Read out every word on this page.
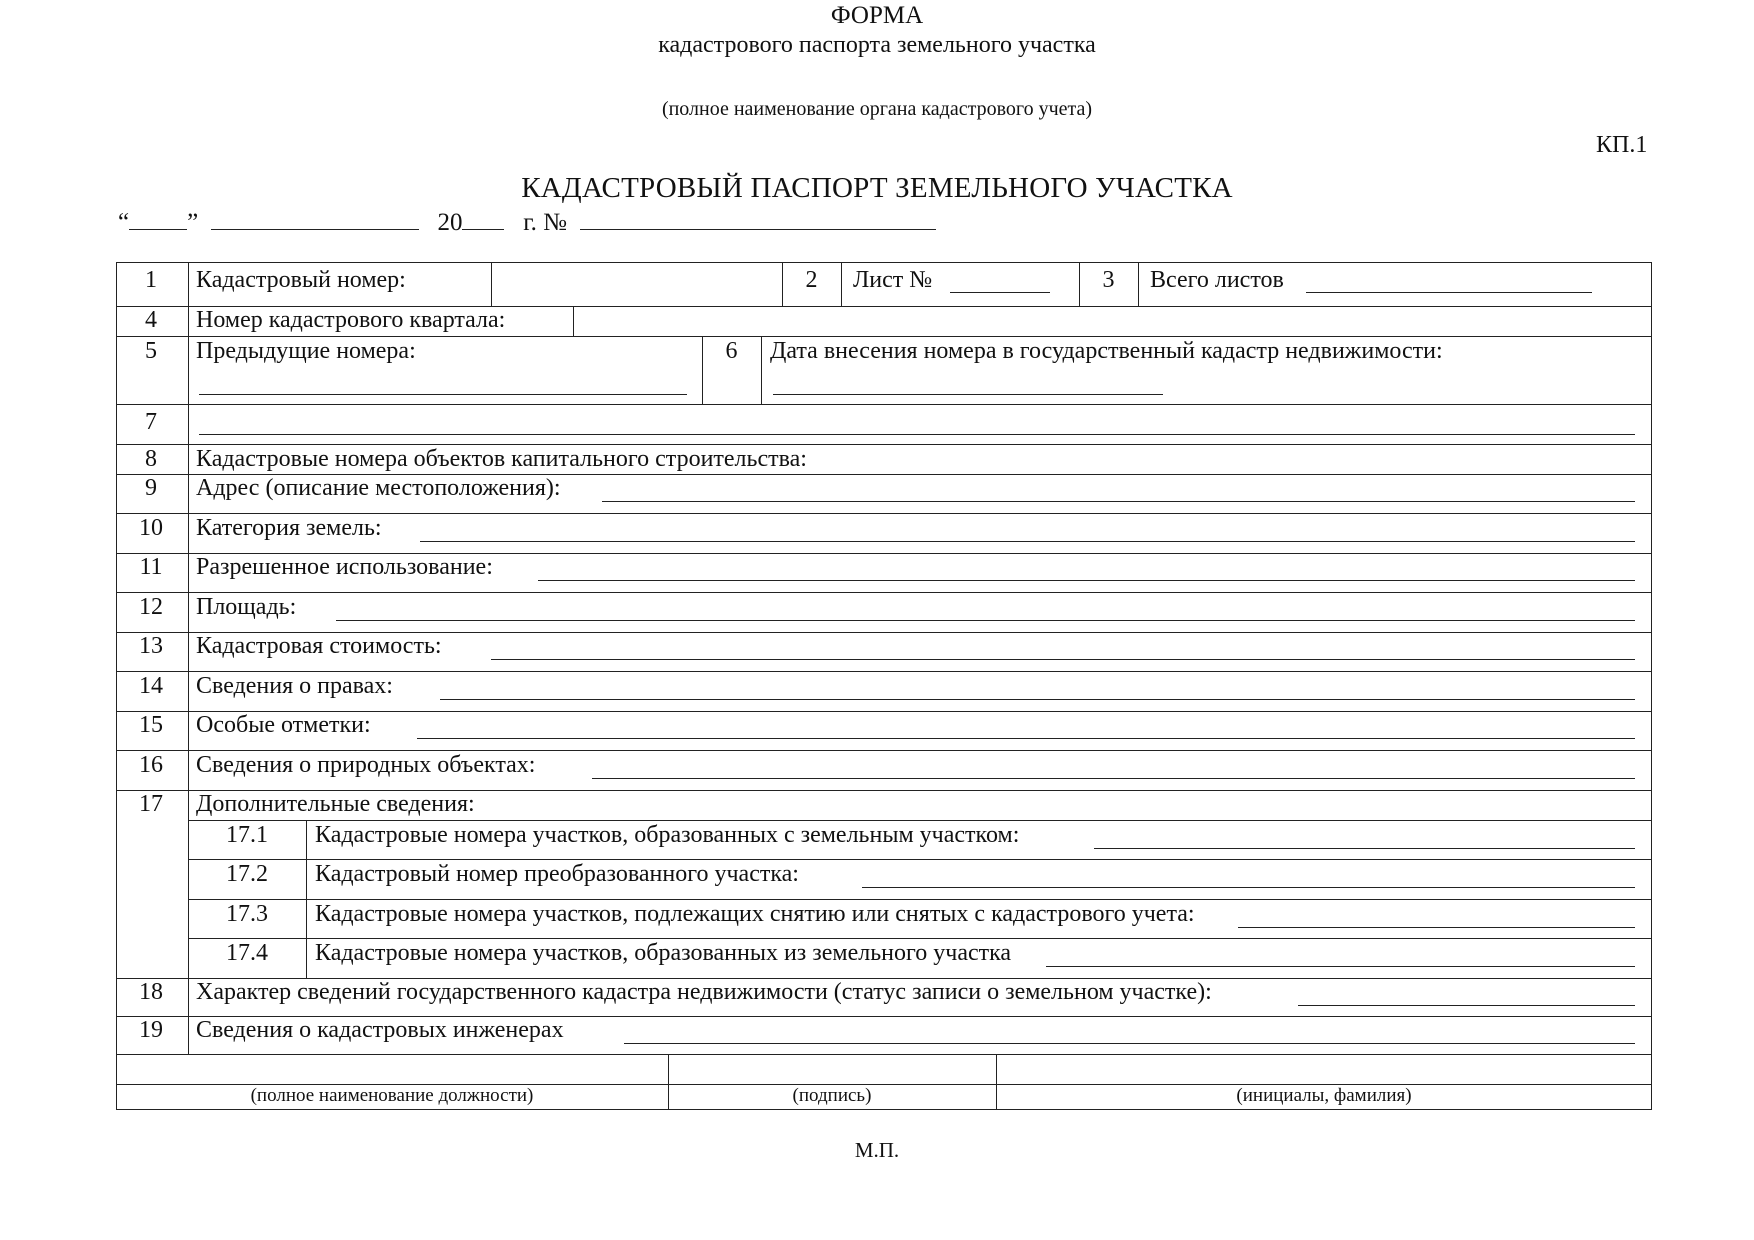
ФОРМА
кадастрового паспорта земельного участка
(полное наименование органа кадастрового учета)
КП.1
КАДАСТРОВЫЙ ПАСПОРТ ЗЕМЕЛЬНОГО УЧАСТКА
“ ”	20 г. №
1	Кадастровый номер:	2	Лист №	3	Всего листов
4	Номер кадастрового квартала:
5	Предыдущие номера:	6	Дата внесения номера в государственный кадастр недвижимости:
7
8	Кадастровые номера объектов капитального строительства:
9	Адрес (описание местоположения):
10	Категория земель:
11	Разрешенное использование:
12	Площадь:
13	Кадастровая стоимость:
14	Сведения о правах:
15	Особые отметки:
16	Сведения о природных объектах:
17	Дополнительные сведения:
17.1	Кадастровые номера участков, образованных с земельным участком:
17.2	Кадастровый номер преобразованного участка:
17.3	Кадастровые номера участков, подлежащих снятию или снятых с кадастрового учета:
17.4	Кадастровые номера участков, образованных из земельного участка
18	Характер сведений государственного кадастра недвижимости (статус записи о земельном участке):
19	Сведения о кадастровых инженерах
(полное наименование должности)	(подпись)	(инициалы, фамилия)
М.П.
